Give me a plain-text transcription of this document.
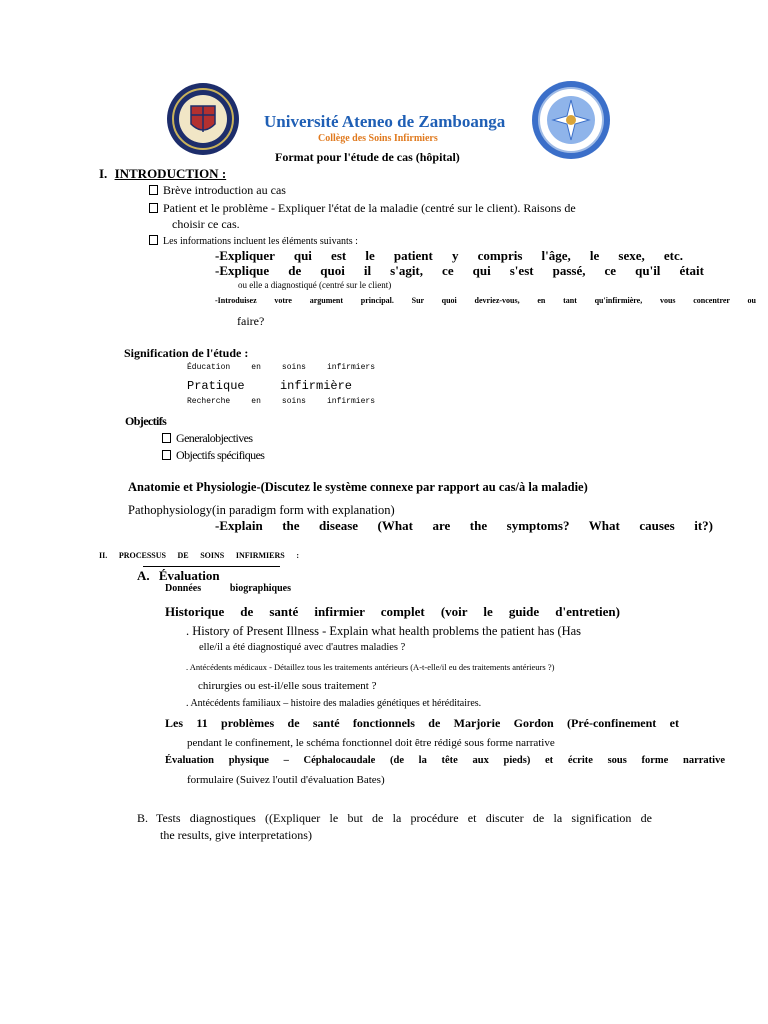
Université Ateneo de Zamboanga
Collège des Soins Infirmiers
Format pour l'étude de cas (hôpital)
I. INTRODUCTION :
Brève introduction au cas
Patient et le problème - Expliquer l'état de la maladie (centré sur le client). Raisons de
choisir ce cas.
Les informations incluent les éléments suivants :
-Expliquer qui est le patient y compris l'âge, le sexe, etc.
-Explique de quoi il s'agit, ce qui s'est passé, ce qu'il était
ou elle a diagnostiqué (centré sur le client)
-Introduisez votre argument principal. Sur quoi devriez-vous, en tant qu'infirmière, vous concentrer ou
faire?
Signification de l'étude :
Éducation en soins infirmiers
Pratique infirmière
Recherche en soins infirmiers
Objectifs
Generalobjectives
Objectifs spécifiques
Anatomie et Physiologie-(Discutez le système connexe par rapport au cas/à la maladie)
Pathophysiology(in paradigm form with explanation)
-Explain the disease (What are the symptoms? What causes it?)
II. PROCESSUS DE SOINS INFIRMIERS :
A. Évaluation
Données biographiques
Historique de santé infirmier complet (voir le guide d'entretien)
. History of Present Illness - Explain what health problems the patient has (Has
elle/il a été diagnostiqué avec d'autres maladies ?
. Antécédents médicaux - Détaillez tous les traitements antérieurs (A-t-elle/il eu des traitements antérieurs ?)
chirurgies ou est-il/elle sous traitement ?
. Antécédents familiaux – histoire des maladies génétiques et héréditaires.
Les 11 problèmes de santé fonctionnels de Marjorie Gordon (Pré-confinement et
pendant le confinement, le schéma fonctionnel doit être rédigé sous forme narrative
Évaluation physique – Céphalocaudale (de la tête aux pieds) et écrite sous forme narrative
formulaire (Suivez l'outil d'évaluation Bates)
B. Tests diagnostiques ((Expliquer le but de la procédure et discuter de la signification de
the results, give interpretations)
